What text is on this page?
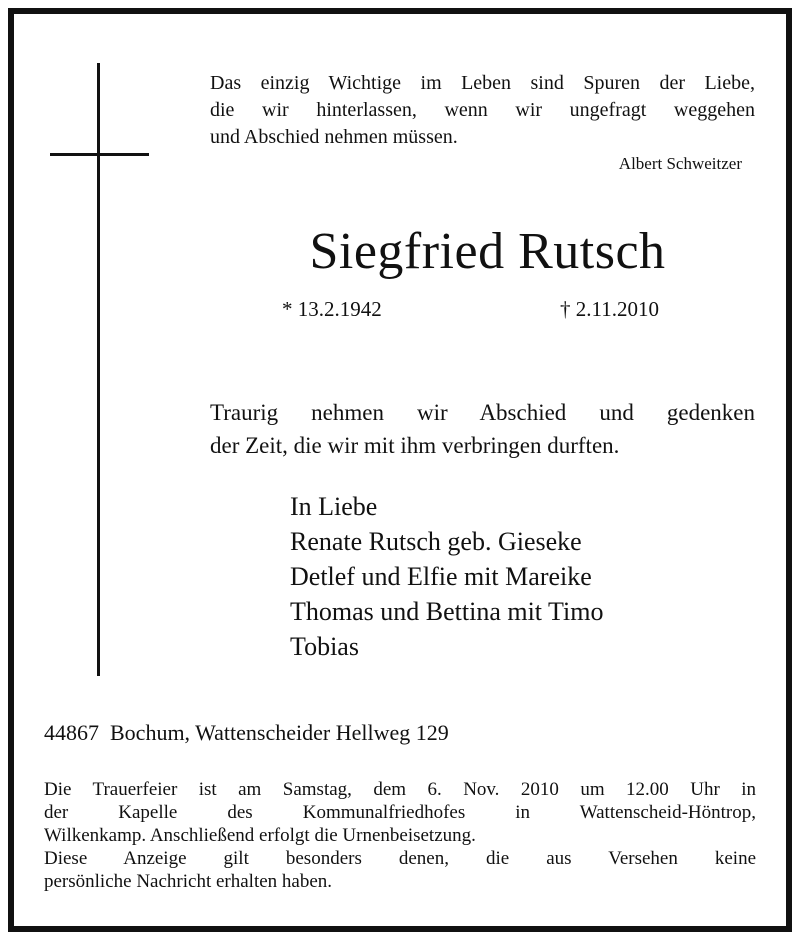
Das einzig Wichtige im Leben sind Spuren der Liebe,
die wir hinterlassen, wenn wir ungefragt weggehen
und Abschied nehmen müssen.
Albert Schweitzer
Siegfried Rutsch
* 13.2.1942	† 2.11.2010
Traurig nehmen wir Abschied und gedenken
der Zeit, die wir mit ihm verbringen durften.
In Liebe
Renate Rutsch geb. Gieseke
Detlef und Elfie mit Mareike
Thomas und Bettina mit Timo
Tobias
44867  Bochum, Wattenscheider Hellweg 129
Die Trauerfeier ist am Samstag, dem 6. Nov. 2010 um 12.00 Uhr in
der Kapelle des Kommunalfriedhofes in Wattenscheid-Höntrop,
Wilkenkamp. Anschließend erfolgt die Urnenbeisetzung.
Diese Anzeige gilt besonders denen, die aus Versehen keine
persönliche Nachricht erhalten haben.
